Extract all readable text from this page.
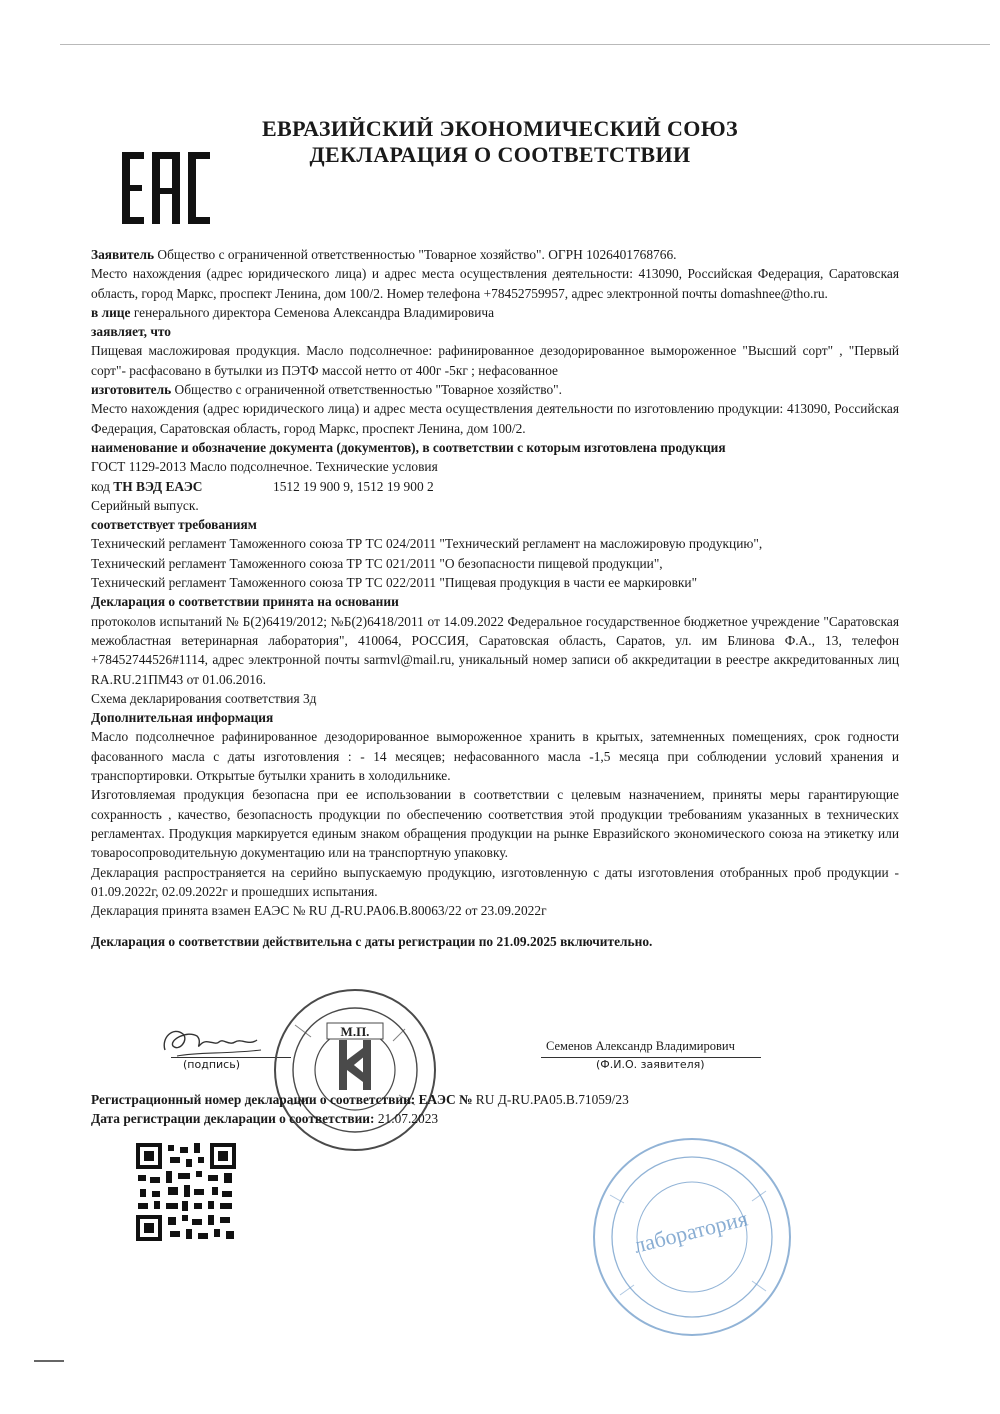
ЕВРАЗИЙСКИЙ ЭКОНОМИЧЕСКИЙ СОЮЗ
ДЕКЛАРАЦИЯ О СООТВЕТСТВИИ

Заявитель Общество с ограниченной ответственностью "Товарное хозяйство". ОГРН 1026401768766.

Место нахождения (адрес юридического лица) и адрес места осуществления деятельности: 413090, Российская Федерация, Саратовская область, город Маркс, проспект Ленина, дом 100/2. Номер телефона +78452759957, адрес электронной почты domashnee@tho.ru.

в лице генерального директора Семенова Александра Владимировича

заявляет, что

Пищевая масложировая продукция. Масло подсолнечное: рафинированное дезодорированное вымороженное "Высший сорт" , "Первый сорт"- расфасовано в бутылки из ПЭТФ массой нетто от 400г -5кг ; нефасованное

изготовитель Общество с ограниченной ответственностью "Товарное хозяйство".

Место нахождения (адрес юридического лица) и адрес места осуществления деятельности по изготовлению продукции: 413090, Российская Федерация, Саратовская область, город Маркс, проспект Ленина, дом 100/2.

наименование и обозначение документа (документов), в соответствии с которым изготовлена продукция

ГОСТ 1129-2013 Масло подсолнечное. Технические условия

код ТН ВЭД ЕАЭС	1512 19 900 9, 1512 19 900 2

Серийный выпуск.

соответствует требованиям

Технический регламент Таможенного союза ТР ТС 024/2011 "Технический регламент на масложировую продукцию",

Технический регламент Таможенного союза ТР ТС 021/2011 "О безопасности пищевой продукции",

Технический регламент Таможенного союза ТР ТС 022/2011 "Пищевая продукция в части ее маркировки"

Декларация о соответствии принята на основании

протоколов испытаний № Б(2)6419/2012; №Б(2)6418/2011 от 14.09.2022 Федеральное государственное бюджетное учреждение "Саратовская межобластная ветеринарная лаборатория", 410064, РОССИЯ, Саратовская область, Саратов, ул. им Блинова Ф.А., 13, телефон +78452744526#1114, адрес электронной почты sarmvl@mail.ru, уникальный номер записи об аккредитации в реестре аккредитованных лиц RA.RU.21ПМ43 от 01.06.2016.

Схема декларирования соответствия 3д

Дополнительная информация

Масло подсолнечное рафинированное дезодорированное вымороженное хранить в крытых, затемненных помещениях, срок годности фасованного масла с даты изготовления : - 14 месяцев; нефасованного масла -1,5 месяца при соблюдении условий хранения и транспортировки. Открытые бутылки хранить в холодильнике.

Изготовляемая продукция безопасна при ее использовании в соответствии с целевым назначением, приняты меры гарантирующие сохранность , качество, безопасность продукции по обеспечению соответствия этой продукции требованиям указанных в технических регламентах. Продукция маркируется единым знаком обращения продукции на рынке Евразийского экономического союза на этикетку или товаросопроводительную документацию или на транспортную упаковку.

Декларация распространяется на серийно выпускаемую продукцию, изготовленную с даты изготовления отобранных проб продукции - 01.09.2022г, 02.09.2022г и прошедших испытания.

Декларация принята взамен ЕАЭС № RU Д-RU.PA06.B.80063/22 от 23.09.2022г

Декларация о соответствии действительна с даты регистрации по 21.09.2025 включительно.

(подпись)
Семенов Александр Владимирович
(Ф.И.О. заявителя)
М.П.

Регистрационный номер декларации о соответствии: ЕАЭС № RU Д-RU.PA05.B.71059/23

Дата регистрации декларации о соответствии: 21.07.2023

лаборатория
